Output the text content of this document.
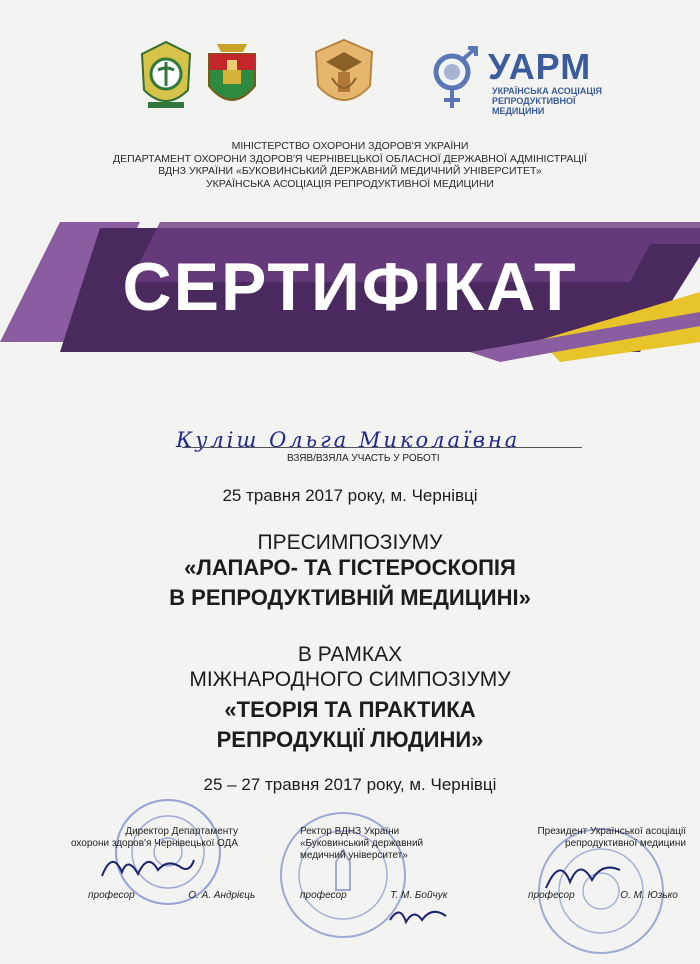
УАРМ
УКРАЇНСЬКА АСОЦІАЦІЯ
РЕПРОДУКТИВНОЇ МЕДИЦИНИ
МІНІСТЕРСТВО ОХОРОНИ ЗДОРОВ'Я УКРАЇНИ
ДЕПАРТАМЕНТ ОХОРОНИ ЗДОРОВ'Я ЧЕРНІВЕЦЬКОЇ ОБЛАСНОЇ ДЕРЖАВНОЇ АДМІНІСТРАЦІЇ
ВДНЗ УКРАЇНИ «БУКОВИНСЬКИЙ ДЕРЖАВНИЙ МЕДИЧНИЙ УНІВЕРСИТЕТ»
УКРАЇНСЬКА АСОЦІАЦІЯ РЕПРОДУКТИВНОЇ МЕДИЦИНИ
СЕРТИФІКАТ
Куліш Ольга Миколаївна
ВЗЯВ/ВЗЯЛА УЧАСТЬ У РОБОТІ
25 травня 2017 року, м. Чернівці
ПРЕСИМПОЗІУМУ
«ЛАПАРО- ТА ГІСТЕРОСКОПІЯ
В РЕПРОДУКТИВНІЙ МЕДИЦИНІ»
В РАМКАХ
МІЖНАРОДНОГО СИМПОЗІУМУ
«ТЕОРІЯ ТА ПРАКТИКА
РЕПРОДУКЦІЇ ЛЮДИНИ»
25 – 27 травня 2017 року, м. Чернівці
Директор Департаменту
охорони здоров'я Чернівецької ОДА
професор	О. А. Андрієць
Ректор ВДНЗ України
«Буковинський державний
медичний університет»
професор	Т. М. Бойчук
Президент Української асоціації
репродуктивної медицини
професор	О. М. Юзько
